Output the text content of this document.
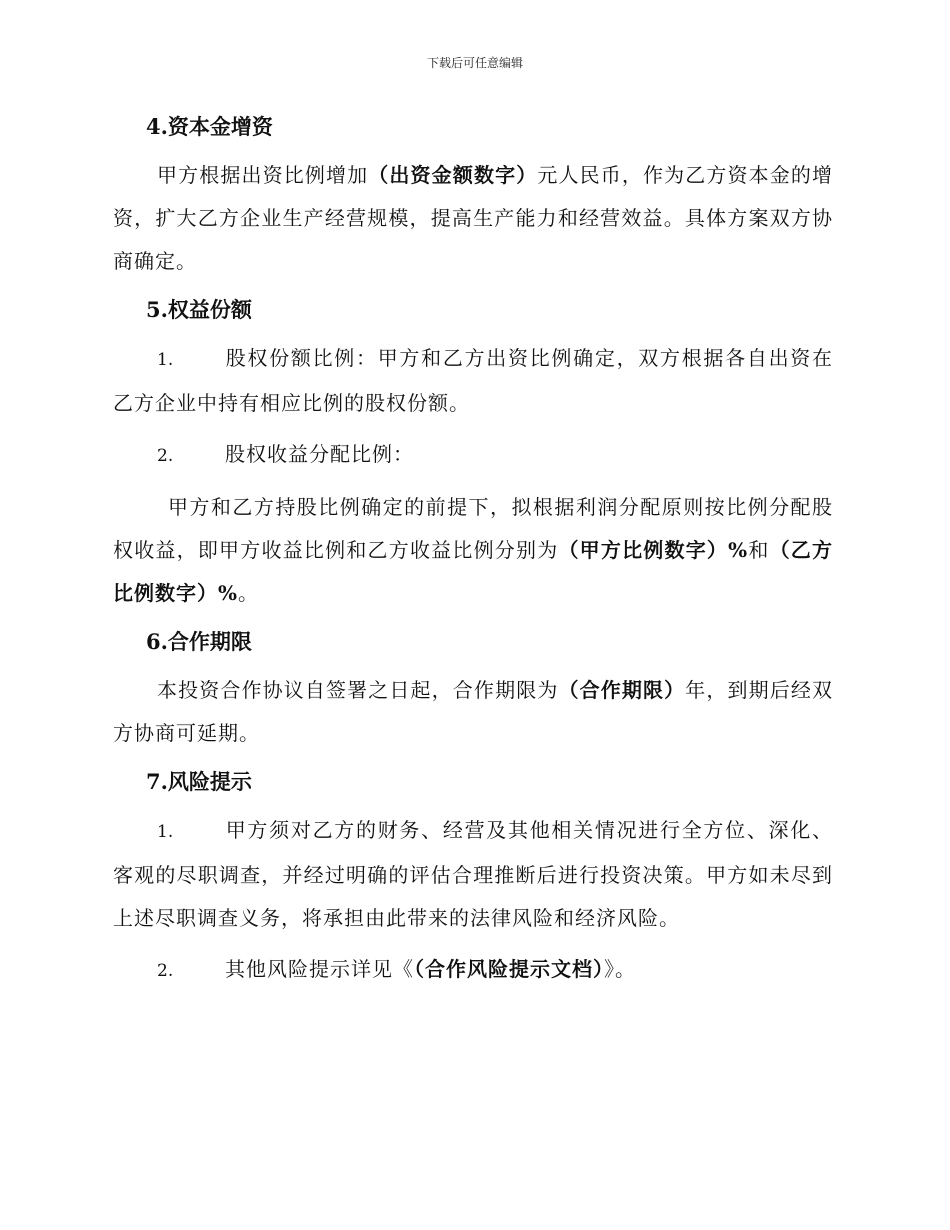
下载后可任意编辑
4.资本金增资

甲方根据出资比例增加（出资金额数字）元人民币，作为乙方资本金的增资，扩大乙方企业生产经营规模，提高生产能力和经营效益。具体方案双方协商确定。

5.权益份额

1.	股权份额比例：甲方和乙方出资比例确定，双方根据各自出资在乙方企业中持有相应比例的股权份额。

2.	股权收益分配比例：

甲方和乙方持股比例确定的前提下，拟根据利润分配原则按比例分配股权收益，即甲方收益比例和乙方收益比例分别为（甲方比例数字）%和（乙方比例数字）%。

6.合作期限

本投资合作协议自签署之日起，合作期限为（合作期限）年，到期后经双方协商可延期。

7.风险提示

1.	甲方须对乙方的财务、经营及其他相关情况进行全方位、深化、客观的尽职调查，并经过明确的评估合理推断后进行投资决策。甲方如未尽到上述尽职调查义务，将承担由此带来的法律风险和经济风险。

2.	其他风险提示详见《（合作风险提示文档）》。
